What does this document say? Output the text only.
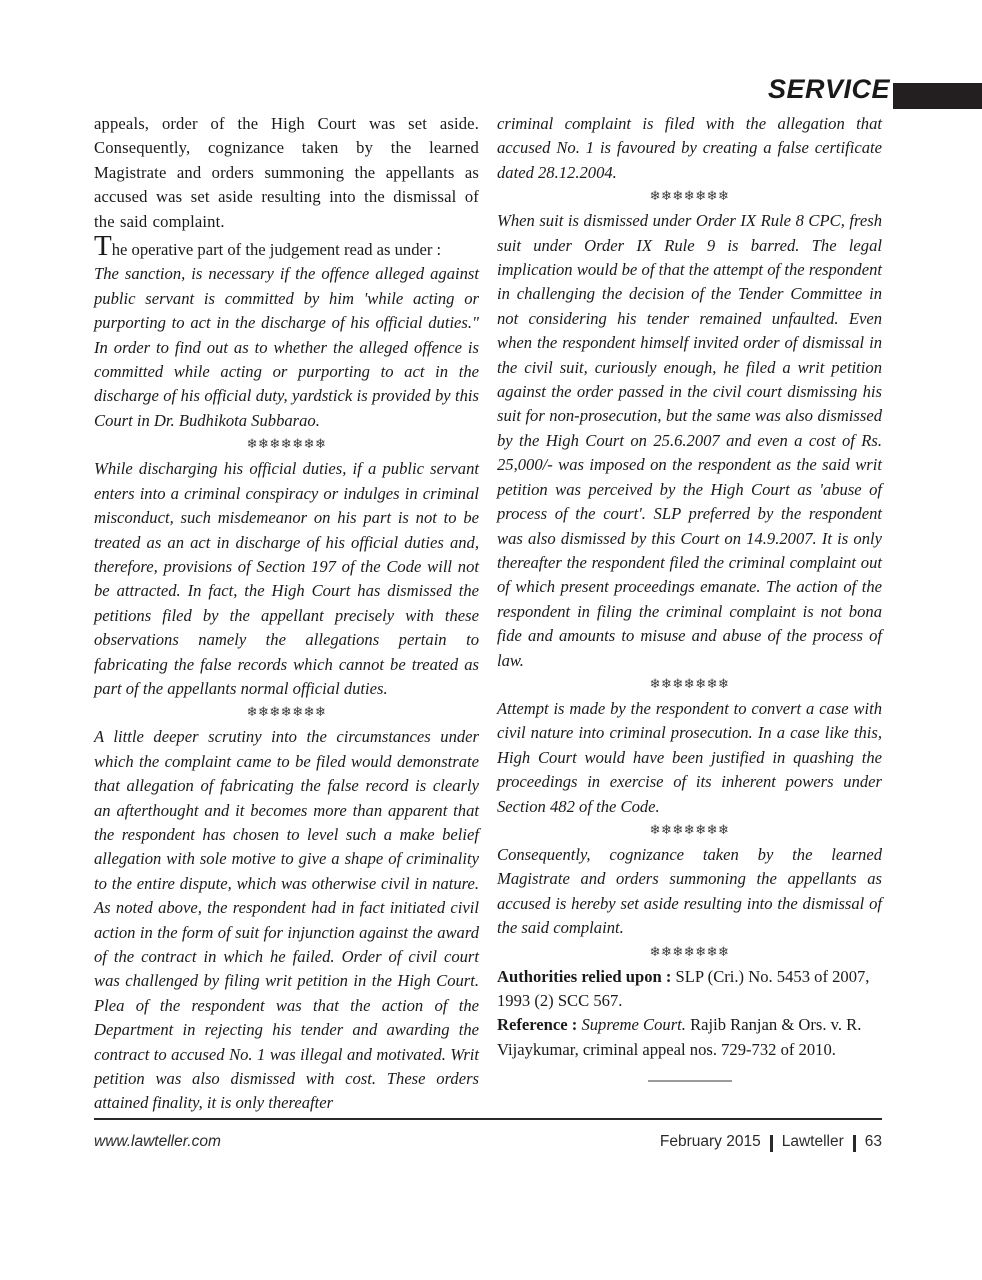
SERVICE

appeals, order of the High Court was set aside. Consequently, cognizance taken by the learned Magistrate and orders summoning the appellants as accused was set aside resulting into the dismissal of the said complaint.

The operative part of the judgement read as under :

The sanction, is necessary if the offence alleged against public servant is committed by him 'while acting or purporting to act in the discharge of his official duties." In order to find out as to whether the alleged offence is committed while acting or purporting to act in the discharge of his official duty, yardstick is provided by this Court in Dr. Budhikota Subbarao.

❄❄❄❄❄❄❄

While discharging his official duties, if a public servant enters into a criminal conspiracy or indulges in criminal misconduct, such misdemeanor on his part is not to be treated as an act in discharge of his official duties and, therefore, provisions of Section 197 of the Code will not be attracted. In fact, the High Court has dismissed the petitions filed by the appellant precisely with these observations namely the allegations pertain to fabricating the false records which cannot be treated as part of the appellants normal official duties.

❄❄❄❄❄❄❄

A little deeper scrutiny into the circumstances under which the complaint came to be filed would demonstrate that allegation of fabricating the false record is clearly an afterthought and it becomes more than apparent that the respondent has chosen to level such a make belief allegation with sole motive to give a shape of criminality to the entire dispute, which was otherwise civil in nature. As noted above, the respondent had in fact initiated civil action in the form of suit for injunction against the award of the contract in which he failed. Order of civil court was challenged by filing writ petition in the High Court. Plea of the respondent was that the action of the Department in rejecting his tender and awarding the contract to accused No. 1 was illegal and motivated. Writ petition was also dismissed with cost. These orders attained finality, it is only thereafter

criminal complaint is filed with the allegation that accused No. 1 is favoured by creating a false certificate dated 28.12.2004.

❄❄❄❄❄❄❄

When suit is dismissed under Order IX Rule 8 CPC, fresh suit under Order IX Rule 9 is barred. The legal implication would be of that the attempt of the respondent in challenging the decision of the Tender Committee in not considering his tender remained unfaulted. Even when the respondent himself invited order of dismissal in the civil suit, curiously enough, he filed a writ petition against the order passed in the civil court dismissing his suit for non-prosecution, but the same was also dismissed by the High Court on 25.6.2007 and even a cost of Rs. 25,000/- was imposed on the respondent as the said writ petition was perceived by the High Court as 'abuse of process of the court'. SLP preferred by the respondent was also dismissed by this Court on 14.9.2007. It is only thereafter the respondent filed the criminal complaint out of which present proceedings emanate. The action of the respondent in filing the criminal complaint is not bona fide and amounts to misuse and abuse of the process of law.

❄❄❄❄❄❄❄

Attempt is made by the respondent to convert a case with civil nature into criminal prosecution. In a case like this, High Court would have been justified in quashing the proceedings in exercise of its inherent powers under Section 482 of the Code.

❄❄❄❄❄❄❄

Consequently, cognizance taken by the learned Magistrate and orders summoning the appellants as accused is hereby set aside resulting into the dismissal of the said complaint.

❄❄❄❄❄❄❄

Authorities relied upon : SLP (Cri.) No. 5453 of 2007, 1993 (2) SCC 567.

Reference : Supreme Court. Rajib Ranjan & Ors. v. R. Vijaykumar, criminal appeal nos. 729-732 of 2010.

www.lawteller.com	February 2015 Lawteller 63
